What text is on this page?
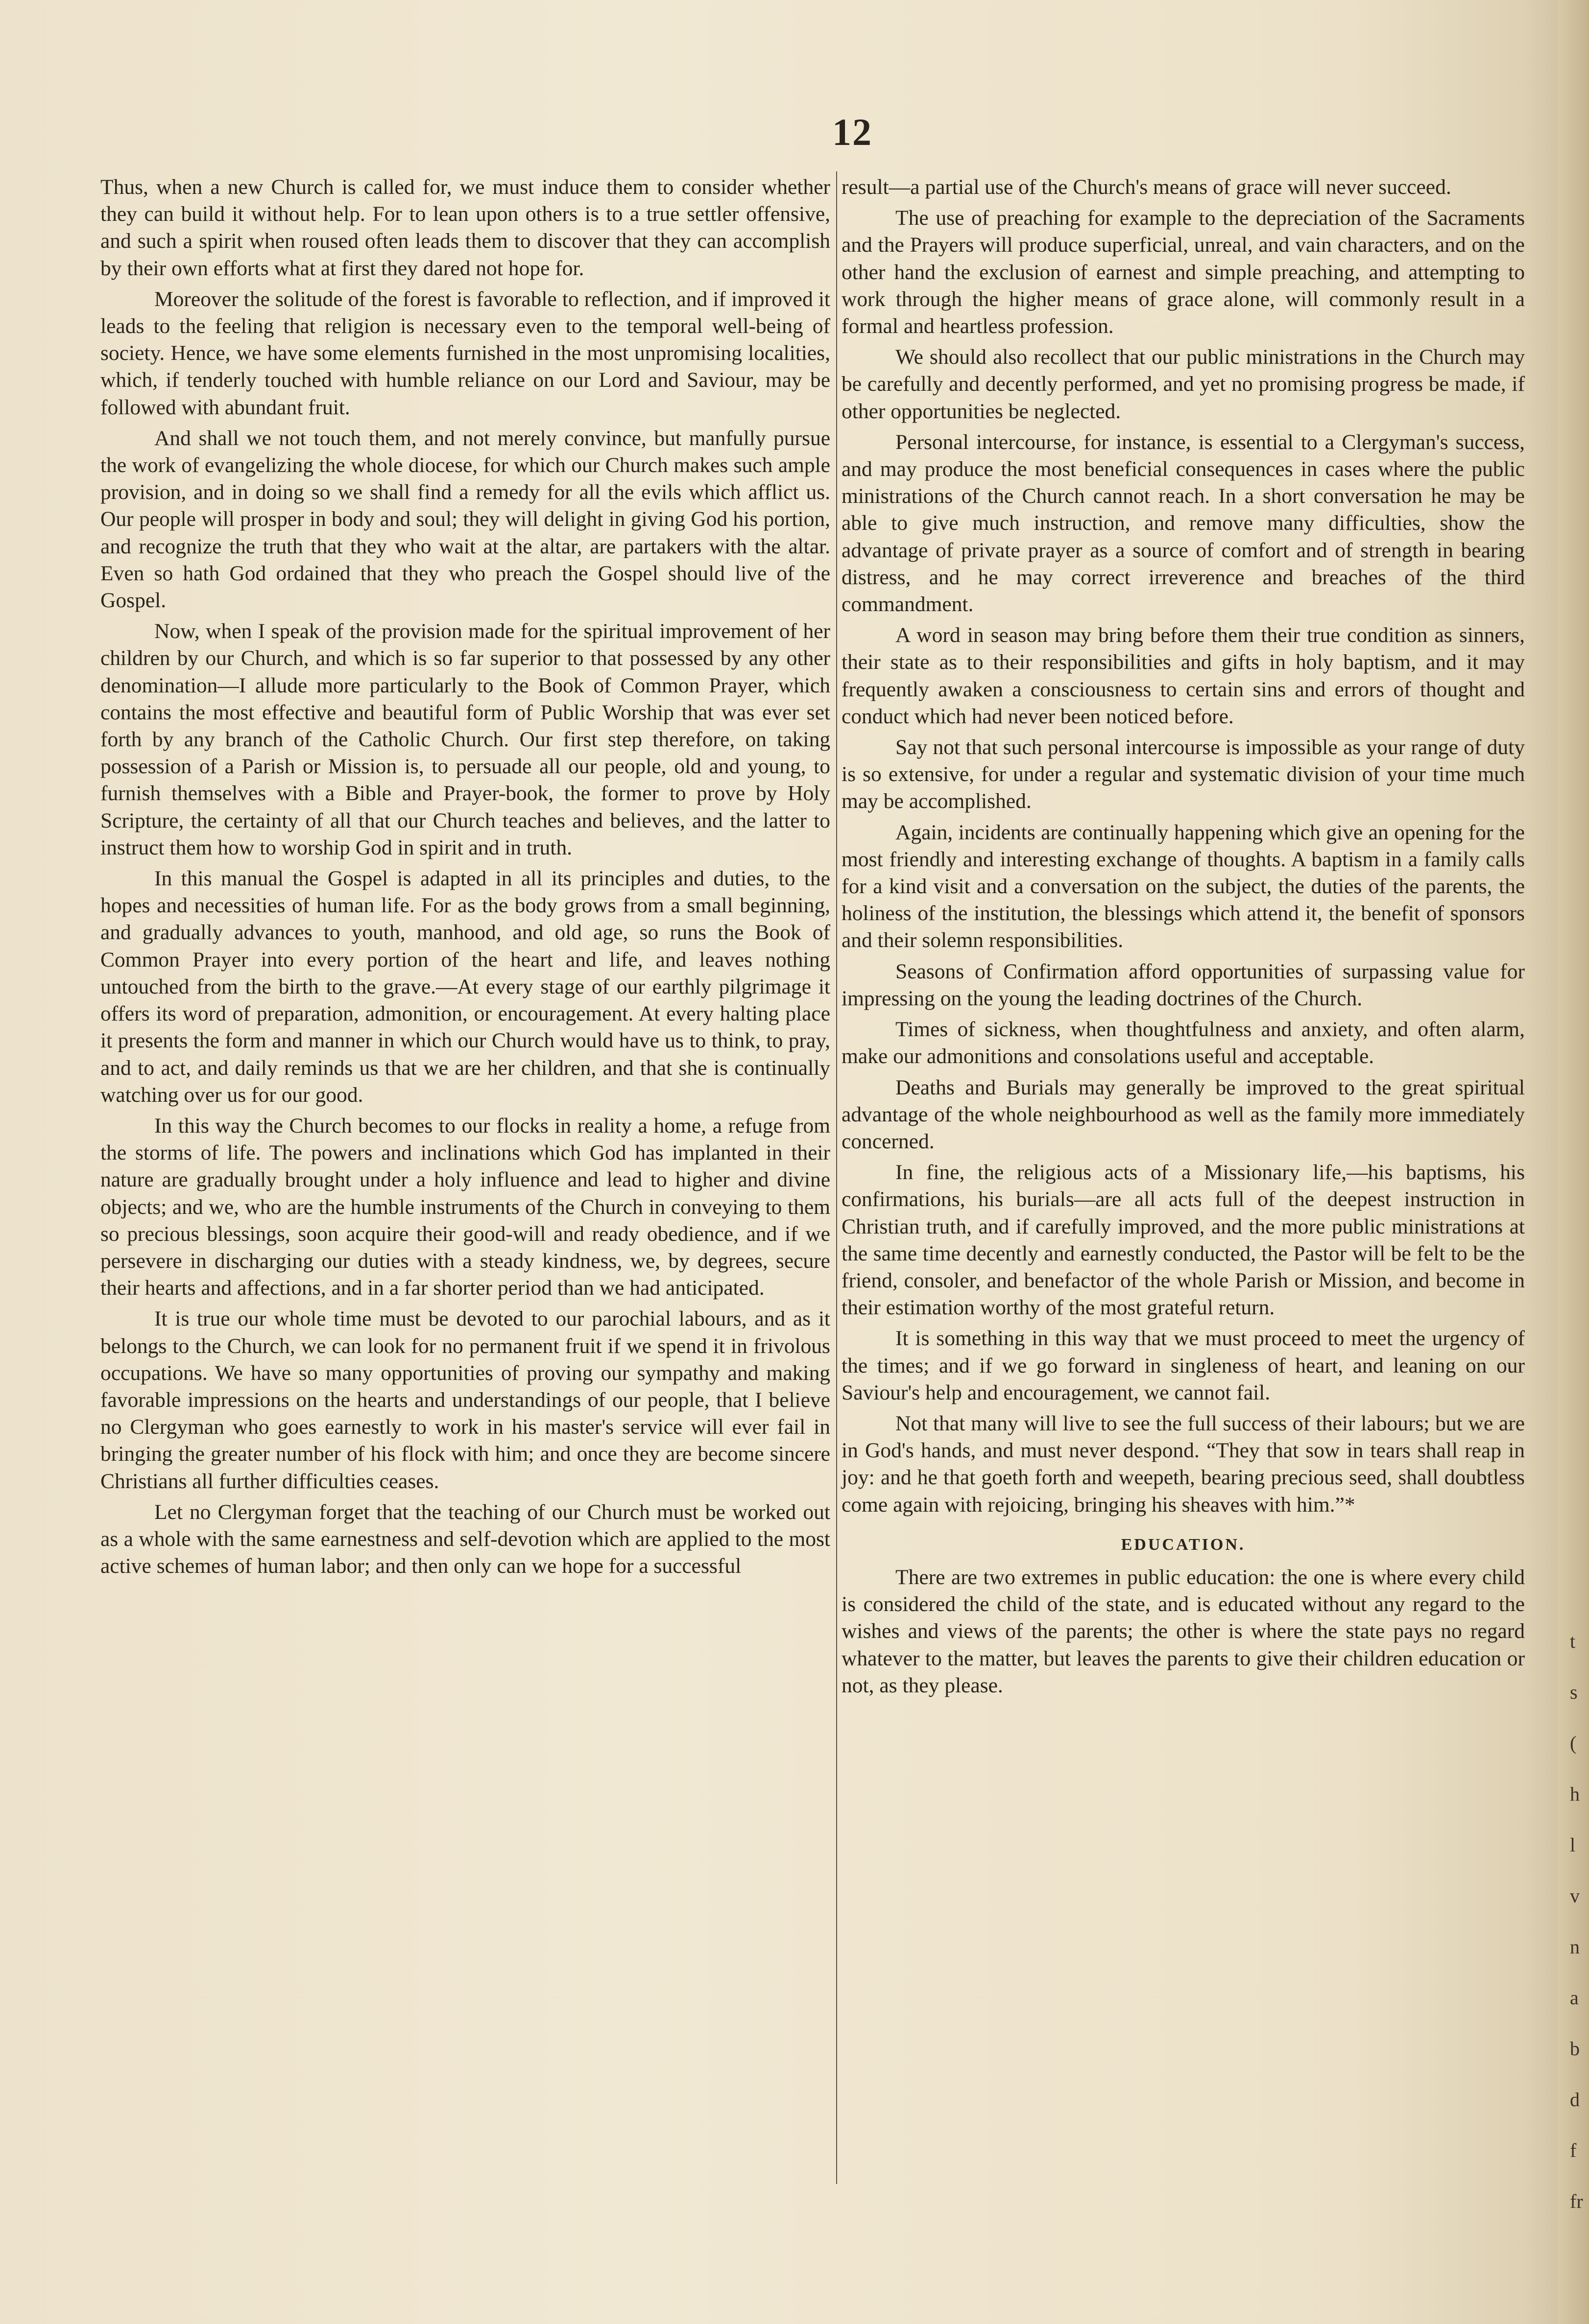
12

Thus, when a new Church is called for, we must induce them to consider whether they can build it without help. For to lean upon others is to a true settler offensive, and such a spirit when roused often leads them to discover that they can accomplish by their own efforts what at first they dared not hope for.

Moreover the solitude of the forest is favorable to reflection, and if improved it leads to the feeling that religion is necessary even to the temporal well-being of society. Hence, we have some elements furnished in the most unpromising localities, which, if tenderly touched with humble reliance on our Lord and Saviour, may be followed with abundant fruit.

And shall we not touch them, and not merely convince, but manfully pursue the work of evangelizing the whole diocese, for which our Church makes such ample provision, and in doing so we shall find a remedy for all the evils which afflict us. Our people will prosper in body and soul; they will delight in giving God his portion, and recognize the truth that they who wait at the altar, are partakers with the altar. Even so hath God ordained that they who preach the Gospel should live of the Gospel.

Now, when I speak of the provision made for the spiritual improvement of her children by our Church, and which is so far superior to that possessed by any other denomination—I allude more particularly to the Book of Common Prayer, which contains the most effective and beautiful form of Public Worship that was ever set forth by any branch of the Catholic Church. Our first step therefore, on taking possession of a Parish or Mission is, to persuade all our people, old and young, to furnish themselves with a Bible and Prayer-book, the former to prove by Holy Scripture, the certainty of all that our Church teaches and believes, and the latter to instruct them how to worship God in spirit and in truth.

In this manual the Gospel is adapted in all its principles and duties, to the hopes and necessities of human life. For as the body grows from a small beginning, and gradually advances to youth, manhood, and old age, so runs the Book of Common Prayer into every portion of the heart and life, and leaves nothing untouched from the birth to the grave.—At every stage of our earthly pilgrimage it offers its word of preparation, admonition, or encouragement. At every halting place it presents the form and manner in which our Church would have us to think, to pray, and to act, and daily reminds us that we are her children, and that she is continually watching over us for our good.

In this way the Church becomes to our flocks in reality a home, a refuge from the storms of life. The powers and inclinations which God has implanted in their nature are gradually brought under a holy influence and lead to higher and divine objects; and we, who are the humble instruments of the Church in conveying to them so precious blessings, soon acquire their good-will and ready obedience, and if we persevere in discharging our duties with a steady kindness, we, by degrees, secure their hearts and affections, and in a far shorter period than we had anticipated.

It is true our whole time must be devoted to our parochial labours, and as it belongs to the Church, we can look for no permanent fruit if we spend it in frivolous occupations. We have so many opportunities of proving our sympathy and making favorable impressions on the hearts and understandings of our people, that I believe no Clergyman who goes earnestly to work in his master's service will ever fail in bringing the greater number of his flock with him; and once they are become sincere Christians all further difficulties ceases.

Let no Clergyman forget that the teaching of our Church must be worked out as a whole with the same earnestness and self-devotion which are applied to the most active schemes of human labor; and then only can we hope for a successful

result—a partial use of the Church's means of grace will never succeed.

The use of preaching for example to the depreciation of the Sacraments and the Prayers will produce superficial, unreal, and vain characters, and on the other hand the exclusion of earnest and simple preaching, and attempting to work through the higher means of grace alone, will commonly result in a formal and heartless profession.

We should also recollect that our public ministrations in the Church may be carefully and decently performed, and yet no promising progress be made, if other opportunities be neglected.

Personal intercourse, for instance, is essential to a Clergyman's success, and may produce the most beneficial consequences in cases where the public ministrations of the Church cannot reach. In a short conversation he may be able to give much instruction, and remove many difficulties, show the advantage of private prayer as a source of comfort and of strength in bearing distress, and he may correct irreverence and breaches of the third commandment.

A word in season may bring before them their true condition as sinners, their state as to their responsibilities and gifts in holy baptism, and it may frequently awaken a consciousness to certain sins and errors of thought and conduct which had never been noticed before.

Say not that such personal intercourse is impossible as your range of duty is so extensive, for under a regular and systematic division of your time much may be accomplished.

Again, incidents are continually happening which give an opening for the most friendly and interesting exchange of thoughts. A baptism in a family calls for a kind visit and a conversation on the subject, the duties of the parents, the holiness of the institution, the blessings which attend it, the benefit of sponsors and their solemn responsibilities.

Seasons of Confirmation afford opportunities of surpassing value for impressing on the young the leading doctrines of the Church.

Times of sickness, when thoughtfulness and anxiety, and often alarm, make our admonitions and consolations useful and acceptable.

Deaths and Burials may generally be improved to the great spiritual advantage of the whole neighbourhood as well as the family more immediately concerned.

In fine, the religious acts of a Missionary life,—his baptisms, his confirmations, his burials—are all acts full of the deepest instruction in Christian truth, and if carefully improved, and the more public ministrations at the same time decently and earnestly conducted, the Pastor will be felt to be the friend, consoler, and benefactor of the whole Parish or Mission, and become in their estimation worthy of the most grateful return.

It is something in this way that we must proceed to meet the urgency of the times; and if we go forward in singleness of heart, and leaning on our Saviour's help and encouragement, we cannot fail.

Not that many will live to see the full success of their labours; but we are in God's hands, and must never despond. “They that sow in tears shall reap in joy: and he that goeth forth and weepeth, bearing precious seed, shall doubtless come again with rejoicing, bringing his sheaves with him.”*

EDUCATION.

There are two extremes in public education: the one is where every child is considered the child of the state, and is educated without any regard to the wishes and views of the parents; the other is where the state pays no regard whatever to the matter, but leaves the parents to give their children education or not, as they please.

t
s
(
h
l
v
n
a
b
d
f
fr
